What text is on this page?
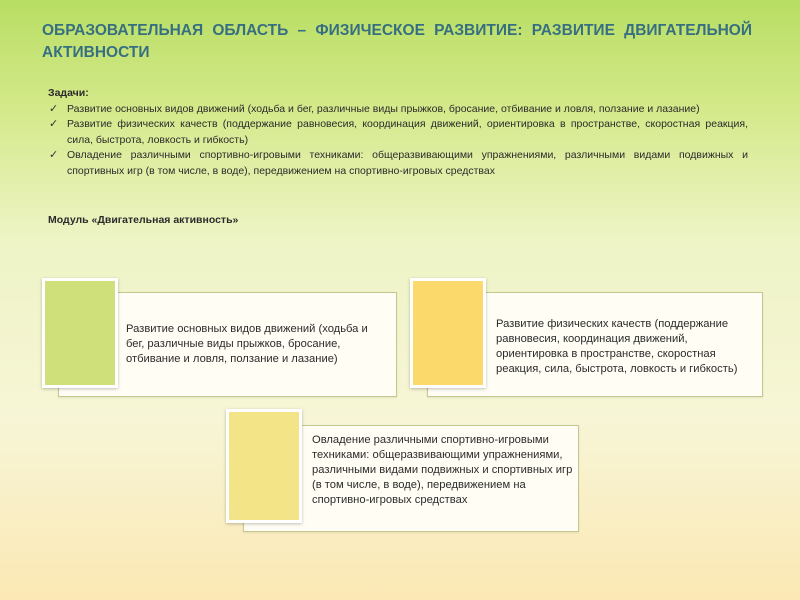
ОБРАЗОВАТЕЛЬНАЯ ОБЛАСТЬ – ФИЗИЧЕСКОЕ РАЗВИТИЕ: РАЗВИТИЕ ДВИГАТЕЛЬНОЙ
АКТИВНОСТИ

Задачи:

✓ Развитие основных видов движений (ходьба и бег, различные виды прыжков, бросание, отбивание и ловля, ползание и лазание)
✓ Развитие физических качеств (поддержание равновесия, координация движений, ориентировка в пространстве, скоростная реакция, сила, быстрота, ловкость и гибкость)
✓ Овладение различными спортивно-игровыми техниками: общеразвивающими упражнениями, различными видами подвижных и спортивных игр (в том числе, в воде), передвижением на спортивно-игровых средствах

Модуль «Двигательная активность»

Развитие основных видов движений (ходьба и бег, различные виды прыжков, бросание, отбивание и ловля, ползание и лазание)
Развитие физических качеств (поддержание равновесия, координация движений, ориентировка в пространстве, скоростная реакция, сила, быстрота, ловкость и гибкость)
Овладение различными спортивно-игровыми техниками: общеразвивающими упражнениями, различными видами подвижных и спортивных игр (в том числе, в воде), передвижением на спортивно-игровых средствах
